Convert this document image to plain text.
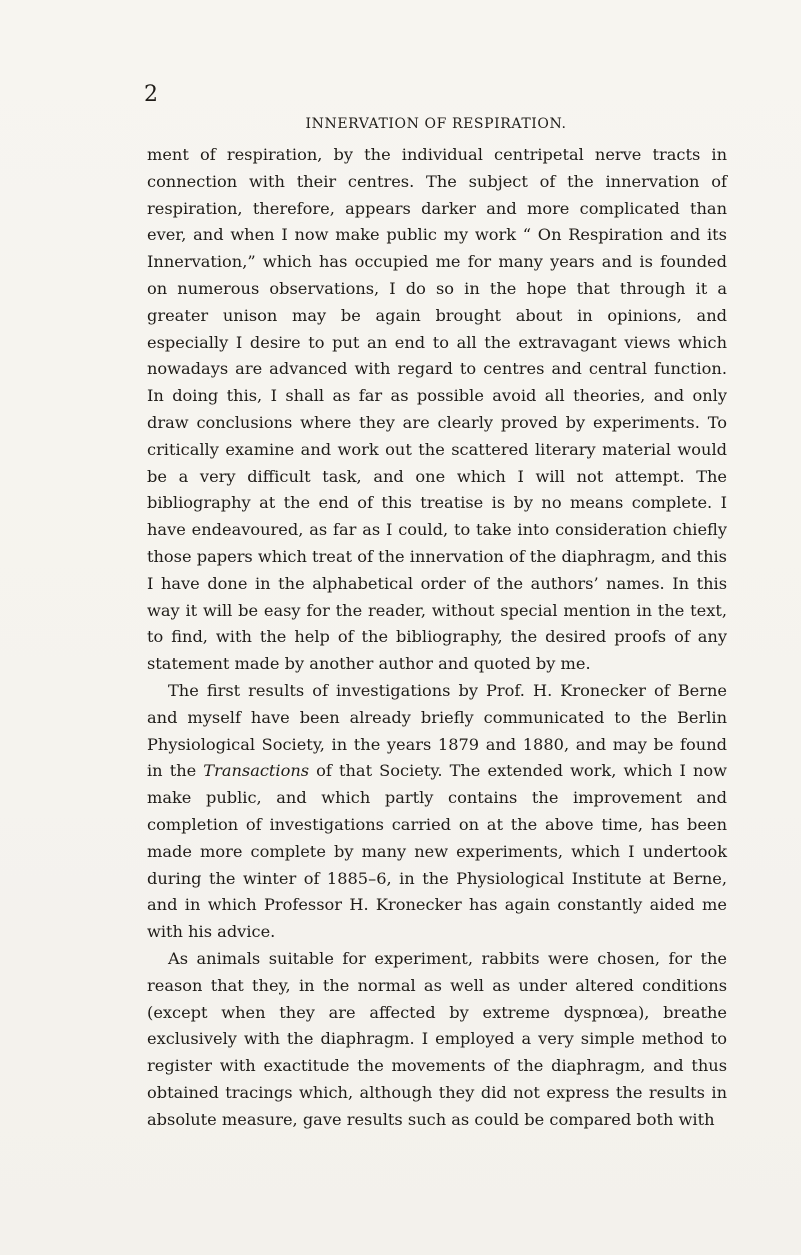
2
INNERVATION OF RESPIRATION.

ment of respiration, by the individual centripetal nerve tracts in connection with their centres. The subject of the innervation of respiration, therefore, appears darker and more complicated than ever, and when I now make public my work “ On Respiration and its Innervation,” which has occupied me for many years and is founded on numerous observations, I do so in the hope that through it a greater unison may be again brought about in opinions, and especially I desire to put an end to all the extravagant views which nowadays are advanced with regard to centres and central function. In doing this, I shall as far as possible avoid all theories, and only draw conclusions where they are clearly proved by experiments. To critically examine and work out the scattered literary material would be a very difficult task, and one which I will not attempt. The bibliography at the end of this treatise is by no means complete. I have endeavoured, as far as I could, to take into consideration chiefly those papers which treat of the innervation of the diaphragm, and this I have done in the alphabetical order of the authors’ names. In this way it will be easy for the reader, without special mention in the text, to find, with the help of the bibliography, the desired proofs of any statement made by another author and quoted by me.

The first results of investigations by Prof. H. Kronecker of Berne and myself have been already briefly communicated to the Berlin Physiological Society, in the years 1879 and 1880, and may be found in the Transactions of that Society. The extended work, which I now make public, and which partly contains the improvement and completion of investigations carried on at the above time, has been made more complete by many new experiments, which I undertook during the winter of 1885–6, in the Physiological Institute at Berne, and in which Professor H. Kronecker has again constantly aided me with his advice.

As animals suitable for experiment, rabbits were chosen, for the reason that they, in the normal as well as under altered conditions (except when they are affected by extreme dyspnœa), breathe exclusively with the diaphragm. I employed a very simple method to register with exactitude the movements of the diaphragm, and thus obtained tracings which, although they did not express the results in absolute measure, gave results such as could be compared both with
